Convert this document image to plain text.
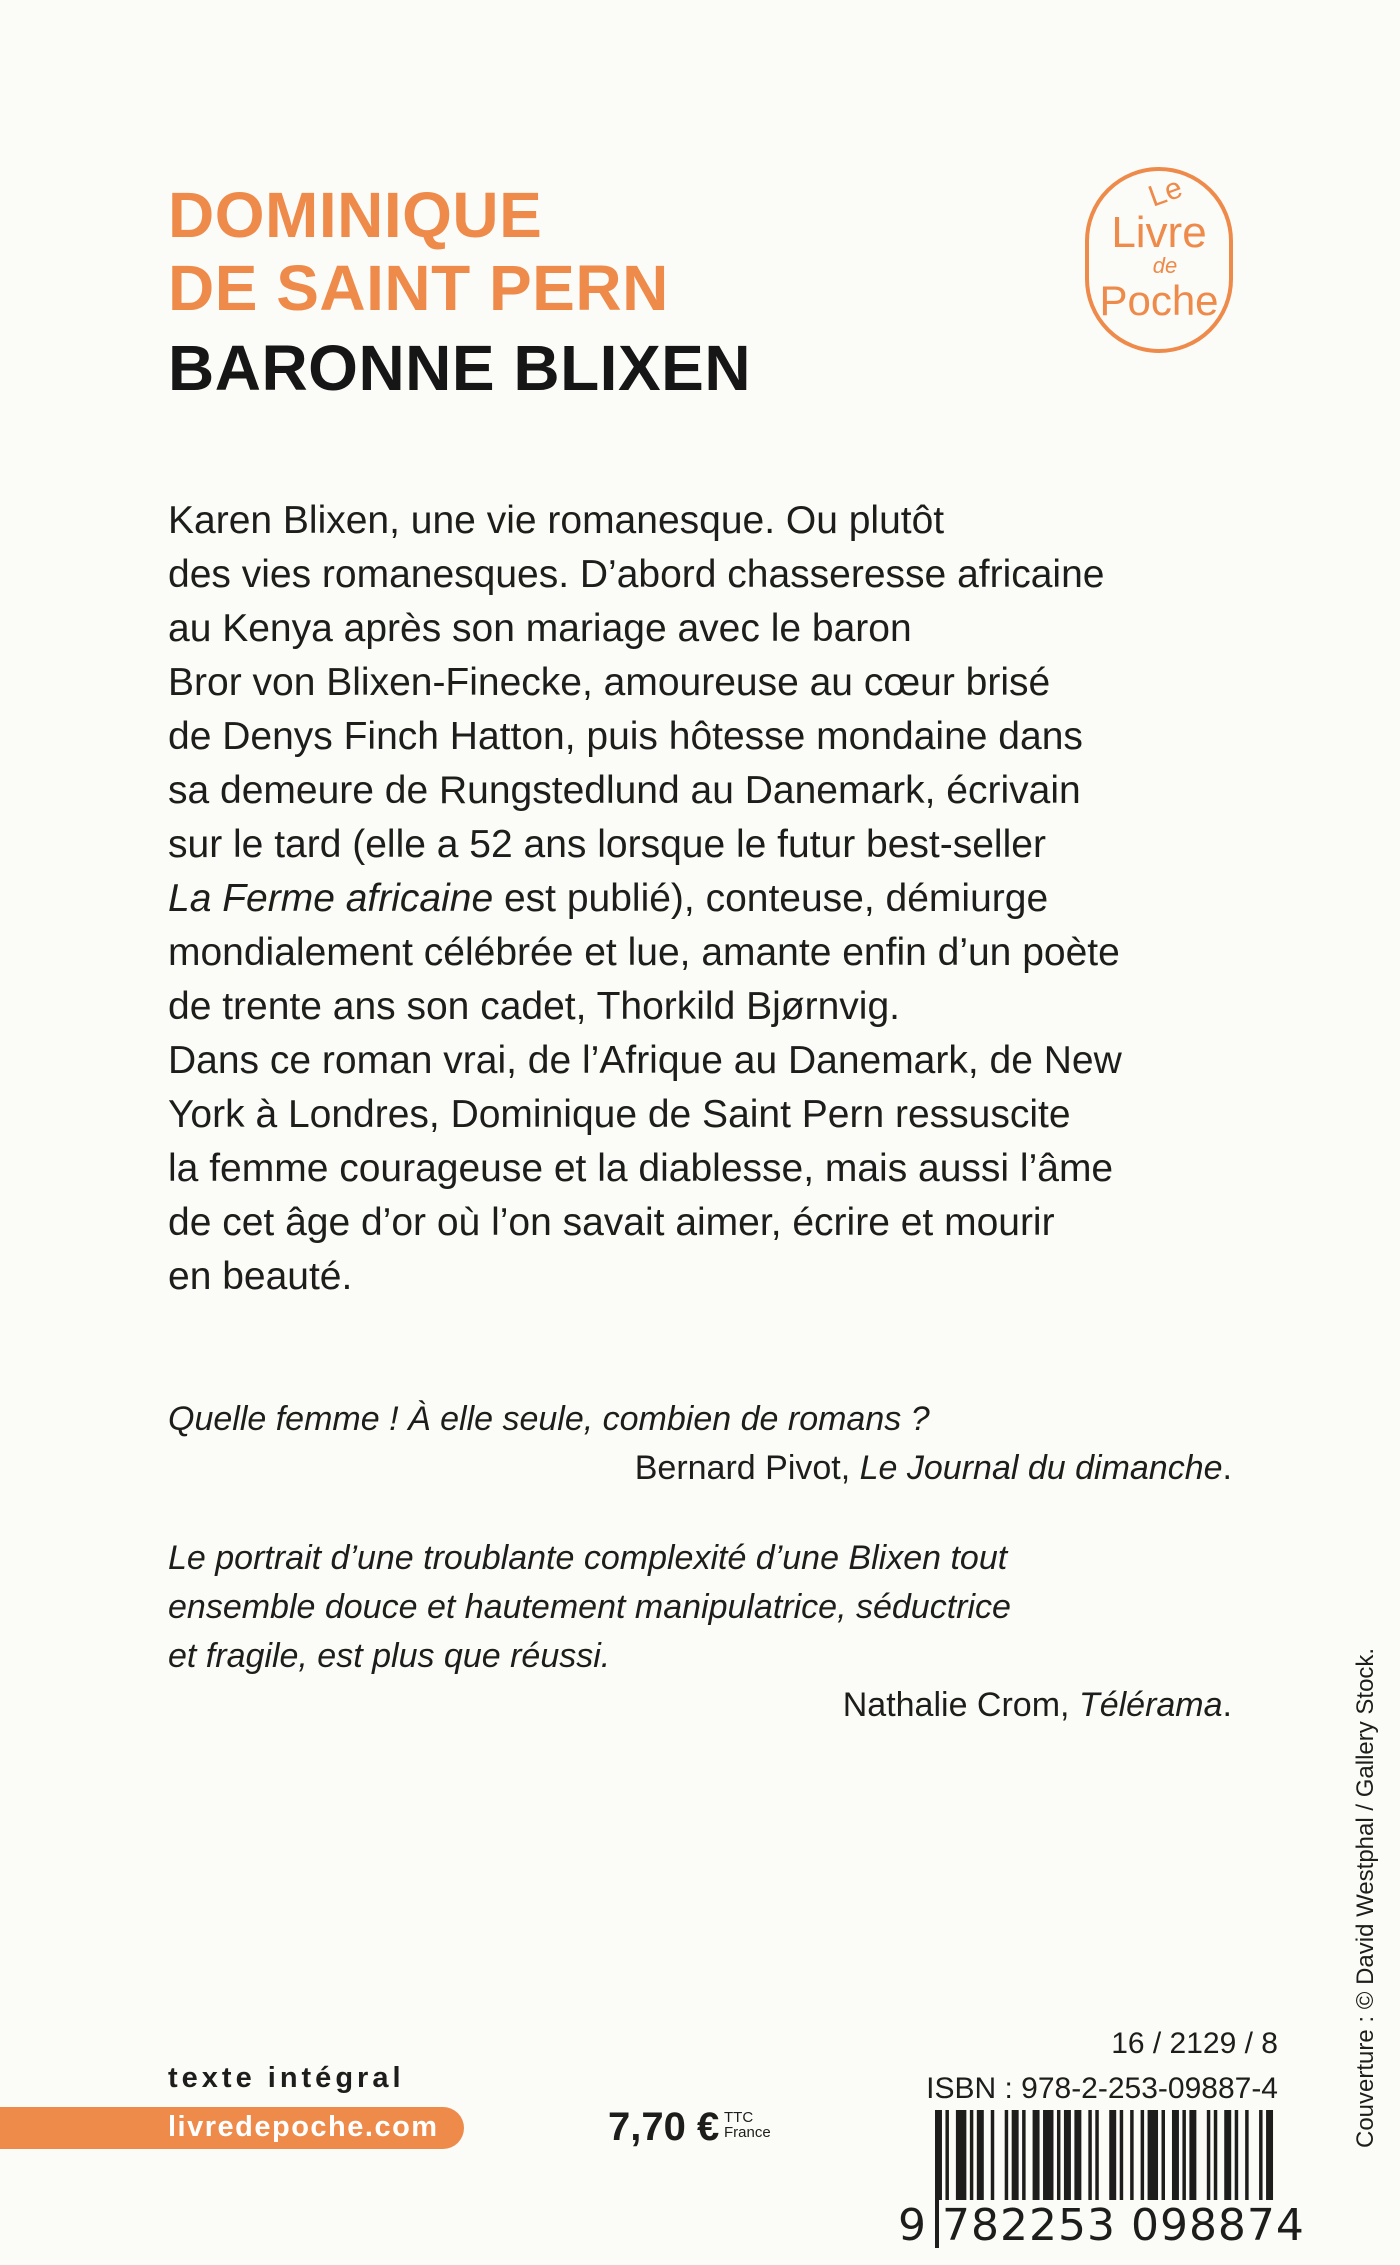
DOMINIQUE
DE SAINT PERN
BARONNE BLIXEN
Le
Livre
de
Poche
Karen Blixen, une vie romanesque. Ou plutôt
des vies romanesques. D’abord chasseresse africaine
au Kenya après son mariage avec le baron
Bror von Blixen-Finecke, amoureuse au cœur brisé
de Denys Finch Hatton, puis hôtesse mondaine dans
sa demeure de Rungstedlund au Danemark, écrivain
sur le tard (elle a 52 ans lorsque le futur best-seller
La Ferme africaine est publié), conteuse, démiurge
mondialement célébrée et lue, amante enfin d’un poète
de trente ans son cadet, Thorkild Bjørnvig.
Dans ce roman vrai, de l’Afrique au Danemark, de New
York à Londres, Dominique de Saint Pern ressuscite
la femme courageuse et la diablesse, mais aussi l’âme
de cet âge d’or où l’on savait aimer, écrire et mourir
en beauté.
Quelle femme ! À elle seule, combien de romans ?
Bernard Pivot, Le Journal du dimanche.
Le portrait d’une troublante complexité d’une Blixen tout
ensemble douce et hautement manipulatrice, séductrice
et fragile, est plus que réussi.
Nathalie Crom, Télérama.	Couverture : © David Westphal / Gallery Stock.
texte intégral
livredepoche.com	7,70 € TTC
France
16 / 2129 / 8
ISBN : 978-2-253-09887-4
9 782253 098874
